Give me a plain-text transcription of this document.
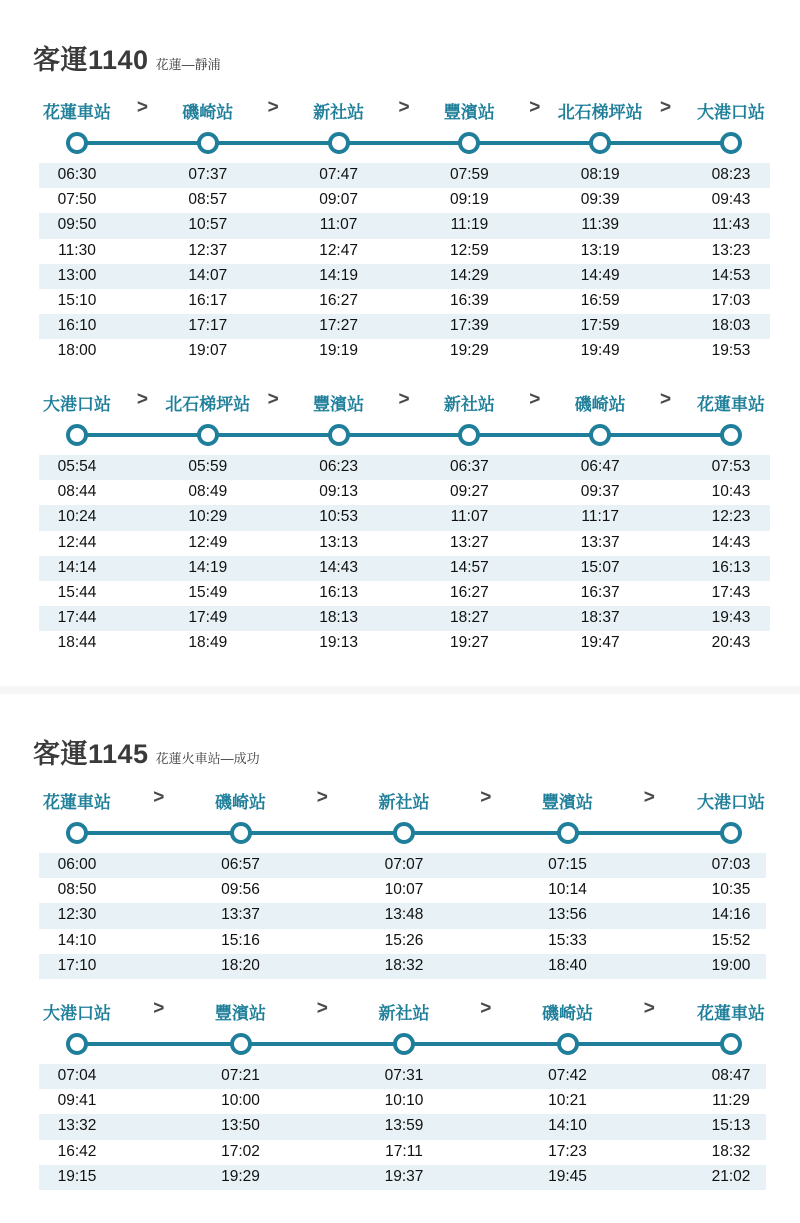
客運1140 花蓮—靜浦
花蓮車站 > 磯崎站 > 新社站 > 豐濱站 > 北石梯坪站 > 大港口站
06:30	07:37	07:47	07:59	08:19	08:23
07:50	08:57	09:07	09:19	09:39	09:43
09:50	10:57	11:07	11:19	11:39	11:43
11:30	12:37	12:47	12:59	13:19	13:23
13:00	14:07	14:19	14:29	14:49	14:53
15:10	16:17	16:27	16:39	16:59	17:03
16:10	17:17	17:27	17:39	17:59	18:03
18:00	19:07	19:19	19:29	19:49	19:53
大港口站 > 北石梯坪站 > 豐濱站 > 新社站 > 磯崎站 > 花蓮車站
05:54	05:59	06:23	06:37	06:47	07:53
08:44	08:49	09:13	09:27	09:37	10:43
10:24	10:29	10:53	11:07	11:17	12:23
12:44	12:49	13:13	13:27	13:37	14:43
14:14	14:19	14:43	14:57	15:07	16:13
15:44	15:49	16:13	16:27	16:37	17:43
17:44	17:49	18:13	18:27	18:37	19:43
18:44	18:49	19:13	19:27	19:47	20:43
客運1145 花蓮火車站—成功
花蓮車站 >	磯崎站	>	新社站	>	豐濱站	> 大港口站
06:00	06:57	07:07	07:15	07:03
08:50	09:56	10:07	10:14	10:35
12:30	13:37	13:48	13:56	14:16
14:10	15:16	15:26	15:33	15:52
17:10	18:20	18:32	18:40	19:00
大港口站 >	豐濱站	>	新社站	>	磯崎站	> 花蓮車站
07:04	07:21	07:31	07:42	08:47
09:41	10:00	10:10	10:21	11:29
13:32	13:50	13:59	14:10	15:13
16:42	17:02	17:11	17:23	18:32
19:15	19:29	19:37	19:45	21:02
